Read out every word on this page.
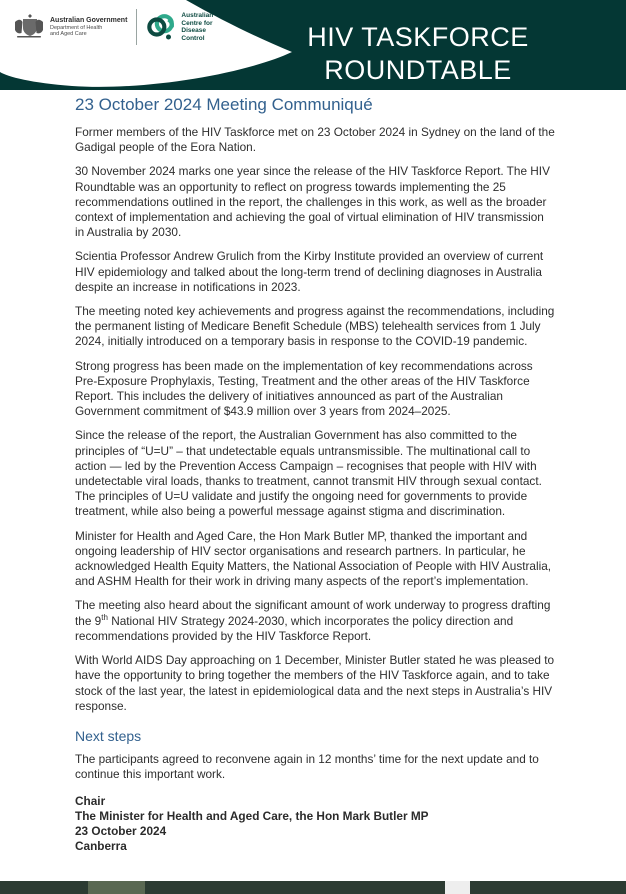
Australian Government
Department of Health and Aged Care
Australian
Centre for
Disease
Control	HIV TASKFORCE
ROUNDTABLE
23 October 2024 Meeting Communiqué

Former members of the HIV Taskforce met on 23 October 2024 in Sydney on the land of the Gadigal people of the Eora Nation.

30 November 2024 marks one year since the release of the HIV Taskforce Report. The HIV Roundtable was an opportunity to reflect on progress towards implementing the 25 recommendations outlined in the report, the challenges in this work, as well as the broader context of implementation and achieving the goal of virtual elimination of HIV transmission in Australia by 2030.

Scientia Professor Andrew Grulich from the Kirby Institute provided an overview of current HIV epidemiology and talked about the long-term trend of declining diagnoses in Australia despite an increase in notifications in 2023.

The meeting noted key achievements and progress against the recommendations, including the permanent listing of Medicare Benefit Schedule (MBS) telehealth services from 1 July 2024, initially introduced on a temporary basis in response to the COVID-19 pandemic.

Strong progress has been made on the implementation of key recommendations across Pre-Exposure Prophylaxis, Testing, Treatment and the other areas of the HIV Taskforce Report. This includes the delivery of initiatives announced as part of the Australian Government commitment of $43.9 million over 3 years from 2024–2025.

Since the release of the report, the Australian Government has also committed to the principles of “U=U” – that undetectable equals untransmissible. The multinational call to action — led by the Prevention Access Campaign – recognises that people with HIV with undetectable viral loads, thanks to treatment, cannot transmit HIV through sexual contact. The principles of U=U validate and justify the ongoing need for governments to provide treatment, while also being a powerful message against stigma and discrimination.

Minister for Health and Aged Care, the Hon Mark Butler MP, thanked the important and ongoing leadership of HIV sector organisations and research partners. In particular, he acknowledged Health Equity Matters, the National Association of People with HIV Australia, and ASHM Health for their work in driving many aspects of the report’s implementation.

The meeting also heard about the significant amount of work underway to progress drafting the 9th National HIV Strategy 2024-2030, which incorporates the policy direction and recommendations provided by the HIV Taskforce Report.

With World AIDS Day approaching on 1 December, Minister Butler stated he was pleased to have the opportunity to bring together the members of the HIV Taskforce again, and to take stock of the last year, the latest in epidemiological data and the next steps in Australia’s HIV response.

Next steps

The participants agreed to reconvene again in 12 months’ time for the next update and to continue this important work.

Chair
The Minister for Health and Aged Care, the Hon Mark Butler MP
23 October 2024
Canberra
